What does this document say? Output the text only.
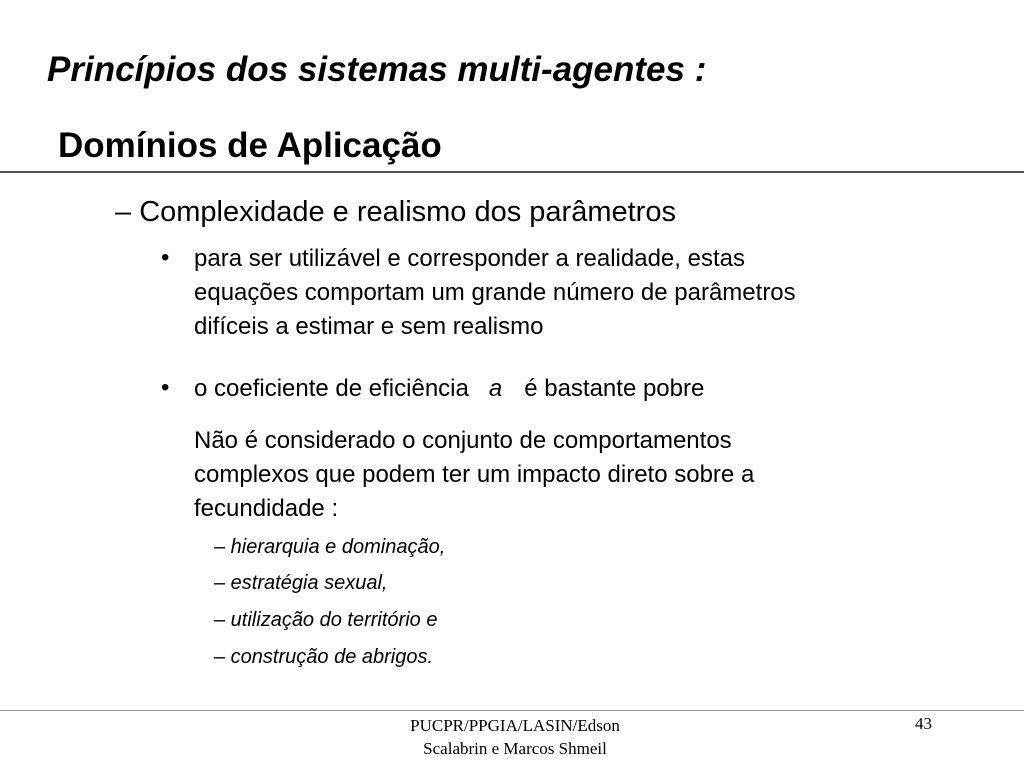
Princípios dos sistemas multi-agentes :
Domínios de Aplicação
– Complexidade e realismo dos parâmetros
• para ser utilizável e corresponder a realidade, estas
equações comportam um grande número de parâmetros
difíceis a estimar e sem realismo
• o coeficiente de eficiência a é bastante pobre
Não é considerado o conjunto de comportamentos
complexos que podem ter um impacto direto sobre a
fecundidade :
– hierarquia e dominação,
– estratégia sexual,
– utilização do território e
– construção de abrigos.
PUCPR/PPGIA/LASIN/Edson
Scalabrin e Marcos Shmeil
43
